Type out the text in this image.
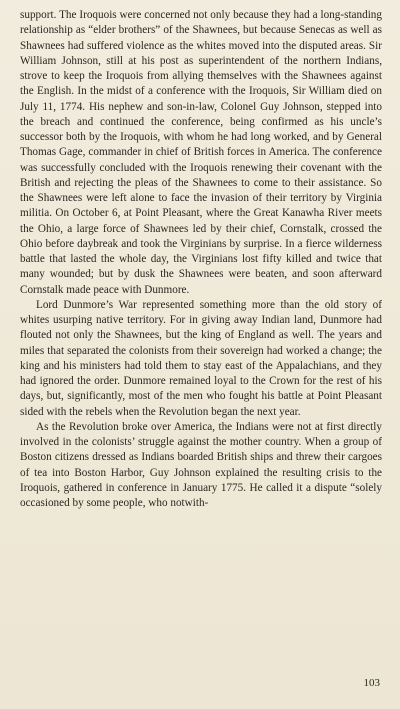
support. The Iroquois were concerned not only because they had a long-standing relationship as “elder brothers” of the Shawnees, but because Senecas as well as Shawnees had suffered violence as the whites moved into the disputed areas. Sir William Johnson, still at his post as superintendent of the northern Indians, strove to keep the Iroquois from allying themselves with the Shawnees against the English. In the midst of a conference with the Iroquois, Sir William died on July 11, 1774. His nephew and son-in-law, Colonel Guy Johnson, stepped into the breach and continued the conference, being confirmed as his uncle’s successor both by the Iroquois, with whom he had long worked, and by General Thomas Gage, commander in chief of British forces in America. The conference was successfully concluded with the Iroquois renewing their covenant with the British and rejecting the pleas of the Shawnees to come to their assistance. So the Shawnees were left alone to face the invasion of their territory by Virginia militia. On October 6, at Point Pleasant, where the Great Kanawha River meets the Ohio, a large force of Shawnees led by their chief, Cornstalk, crossed the Ohio before daybreak and took the Virginians by surprise. In a fierce wilderness battle that lasted the whole day, the Virginians lost fifty killed and twice that many wounded; but by dusk the Shawnees were beaten, and soon afterward Cornstalk made peace with Dunmore.

Lord Dunmore’s War represented something more than the old story of whites usurping native territory. For in giving away Indian land, Dunmore had flouted not only the Shawnees, but the king of England as well. The years and miles that separated the colonists from their sovereign had worked a change; the king and his ministers had told them to stay east of the Appalachians, and they had ignored the order. Dunmore remained loyal to the Crown for the rest of his days, but, significantly, most of the men who fought his battle at Point Pleasant sided with the rebels when the Revolution began the next year.

As the Revolution broke over America, the Indians were not at first directly involved in the colonists’ struggle against the mother country. When a group of Boston citizens dressed as Indians boarded British ships and threw their cargoes of tea into Boston Harbor, Guy Johnson explained the resulting crisis to the Iroquois, gathered in conference in January 1775. He called it a dispute “solely occasioned by some people, who notwith-

103
